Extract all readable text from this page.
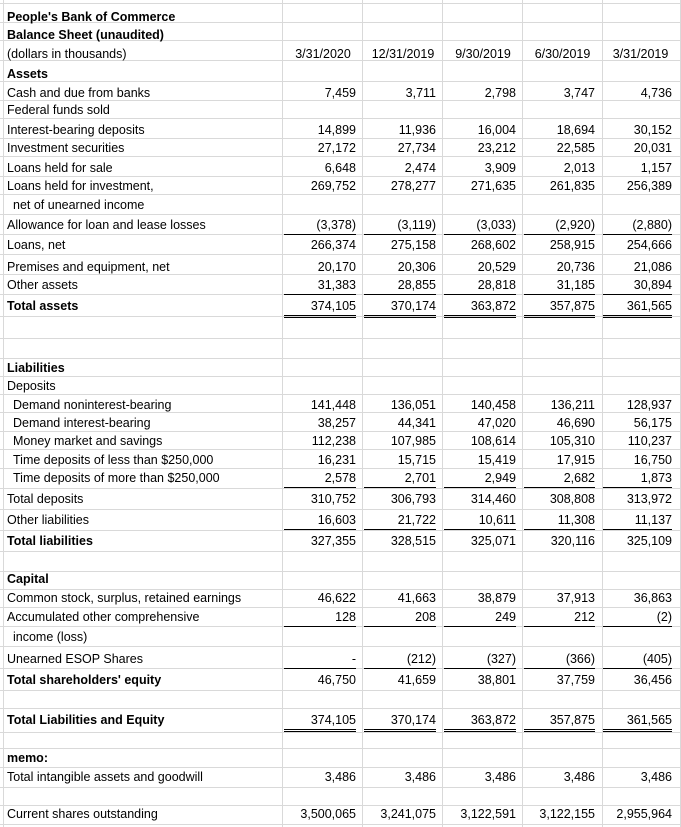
People's Bank of Commerce
Balance Sheet (unaudited)
(dollars in thousands)	3/31/2020	12/31/2019	9/30/2019	6/30/2019	3/31/2019
Assets
Cash and due from banks	7,459	3,711	2,798	3,747	4,736
Federal funds sold
Interest-bearing deposits	14,899	11,936	16,004	18,694	30,152
Investment securities	27,172	27,734	23,212	22,585	20,031
Loans held for sale	6,648	2,474	3,909	2,013	1,157
Loans held for investment,	269,752	278,277	271,635	261,835	256,389
net of unearned income
Allowance for loan and lease losses	(3,378)	(3,119)	(3,033)	(2,920)	(2,880)
Loans, net	266,374	275,158	268,602	258,915	254,666
Premises and equipment, net	20,170	20,306	20,529	20,736	21,086
Other assets	31,383	28,855	28,818	31,185	30,894
Total assets	374,105	370,174	363,872	357,875	361,565
Liabilities
Deposits
Demand noninterest-bearing	141,448	136,051	140,458	136,211	128,937
Demand interest-bearing	38,257	44,341	47,020	46,690	56,175
Money market and savings	112,238	107,985	108,614	105,310	110,237
Time deposits of less than $250,000	16,231	15,715	15,419	17,915	16,750
Time deposits of more than $250,000	2,578	2,701	2,949	2,682	1,873
Total deposits	310,752	306,793	314,460	308,808	313,972
Other liabilities	16,603	21,722	10,611	11,308	11,137
Total liabilities	327,355	328,515	325,071	320,116	325,109
Capital
Common stock, surplus, retained earnings	46,622	41,663	38,879	37,913	36,863
Accumulated other comprehensive	128	208	249	212	(2)
income (loss)
Unearned ESOP Shares	-	(212)	(327)	(366)	(405)
Total shareholders' equity	46,750	41,659	38,801	37,759	36,456
Total Liabilities and Equity	374,105	370,174	363,872	357,875	361,565
memo:
Total intangible assets and goodwill	3,486	3,486	3,486	3,486	3,486
Current shares outstanding	3,500,065	3,241,075	3,122,591	3,122,155	2,955,964
